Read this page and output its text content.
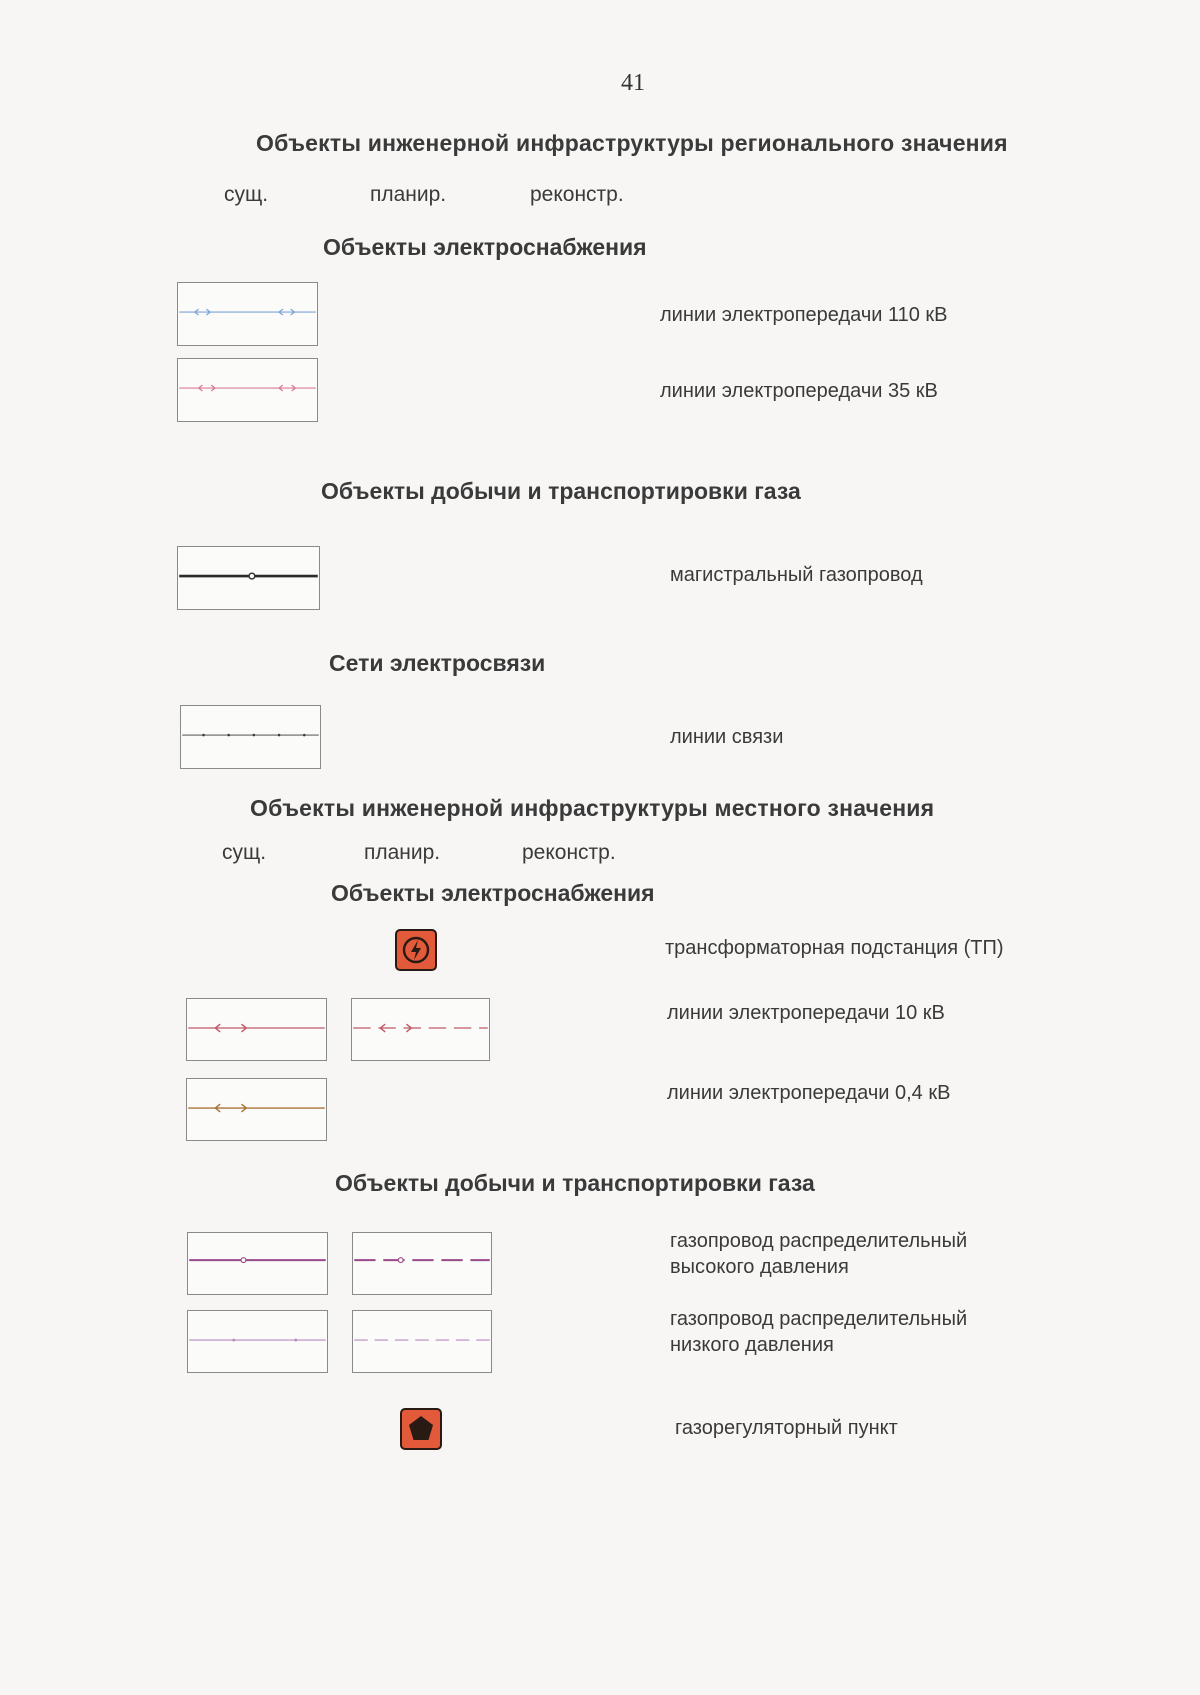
41
Объекты инженерной инфраструктуры регионального значения
сущ.	планир.	реконстр.
Объекты электроснабжения
линии электропередачи 110 кВ
линии электропередачи 35 кВ
Объекты добычи и транспортировки газа
магистральный газопровод
Сети электросвязи
линии связи
Объекты инженерной инфраструктуры местного значения
сущ.	планир.	реконстр.
Объекты электроснабжения
трансформаторная подстанция (ТП)
линии электропередачи 10 кВ
линии электропередачи 0,4 кВ
Объекты добычи и транспортировки газа
газопровод распределительный
высокого давления
газопровод распределительный
низкого давления
газорегуляторный пункт
